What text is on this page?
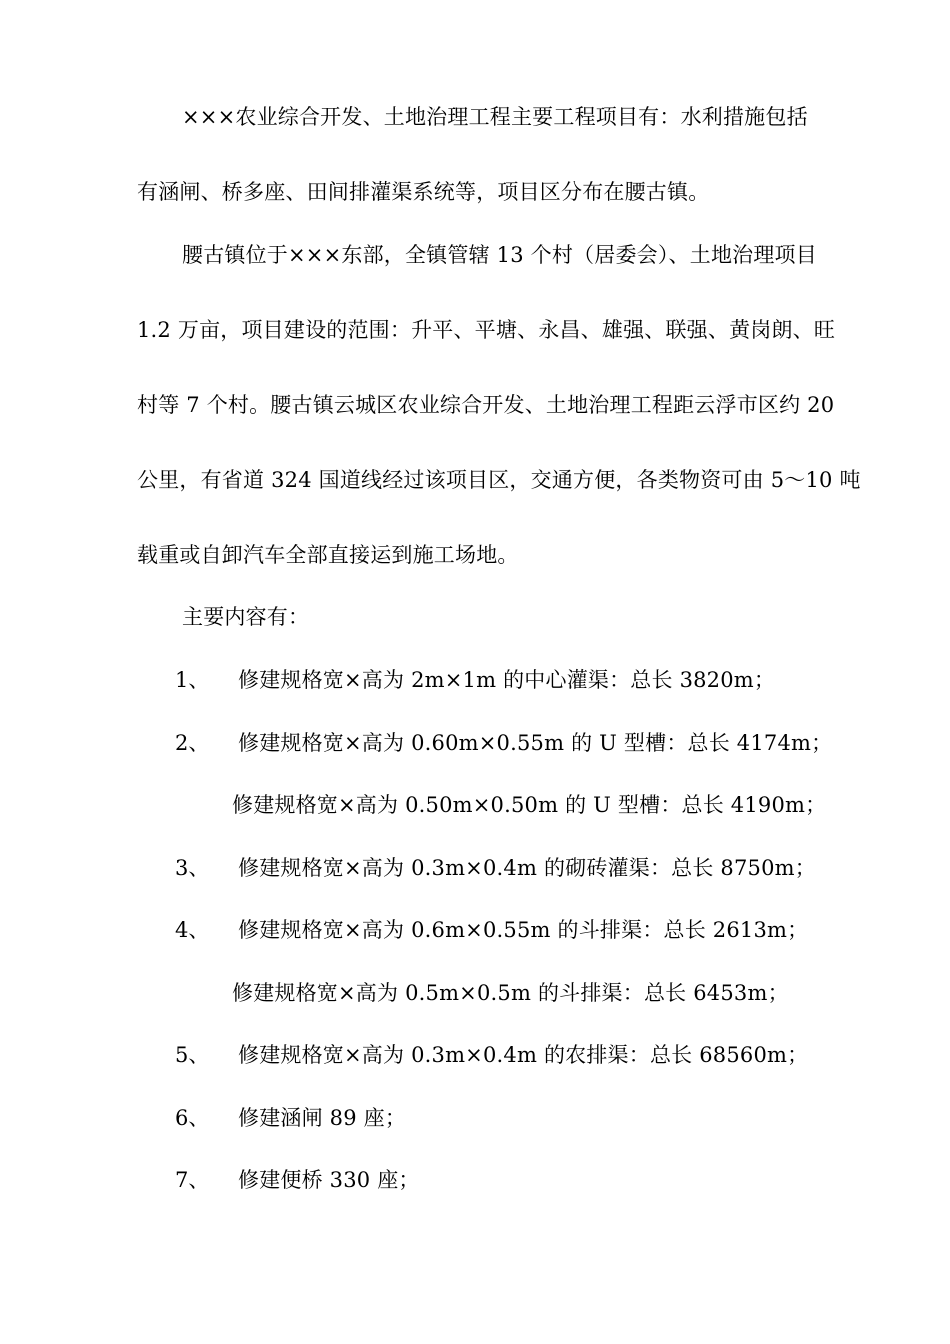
×××农业综合开发、土地治理工程主要工程项目有：水利措施包括
有涵闸、桥多座、田间排灌渠系统等，项目区分布在腰古镇。
腰古镇位于×××东部，全镇管辖 13 个村（居委会）、土地治理项目
1.2 万亩，项目建设的范围：升平、平塘、永昌、雄强、联强、黄岗朗、旺
村等 7 个村。腰古镇云城区农业综合开发、土地治理工程距云浮市区约 20
公里，有省道 324 国道线经过该项目区，交通方便，各类物资可由 5～10 吨
载重或自卸汽车全部直接运到施工场地。
主要内容有：
1、 修建规格宽×高为 2m×1m 的中心灌渠：总长 3820m；
2、 修建规格宽×高为 0.60m×0.55m 的 U 型槽：总长 4174m；
修建规格宽×高为 0.50m×0.50m 的 U 型槽：总长 4190m；
3、 修建规格宽×高为 0.3m×0.4m 的砌砖灌渠：总长 8750m；
4、 修建规格宽×高为 0.6m×0.55m 的斗排渠：总长 2613m；
修建规格宽×高为 0.5m×0.5m 的斗排渠：总长 6453m；
5、 修建规格宽×高为 0.3m×0.4m 的农排渠：总长 68560m；
6、 修建涵闸 89 座；
7、 修建便桥 330 座；
